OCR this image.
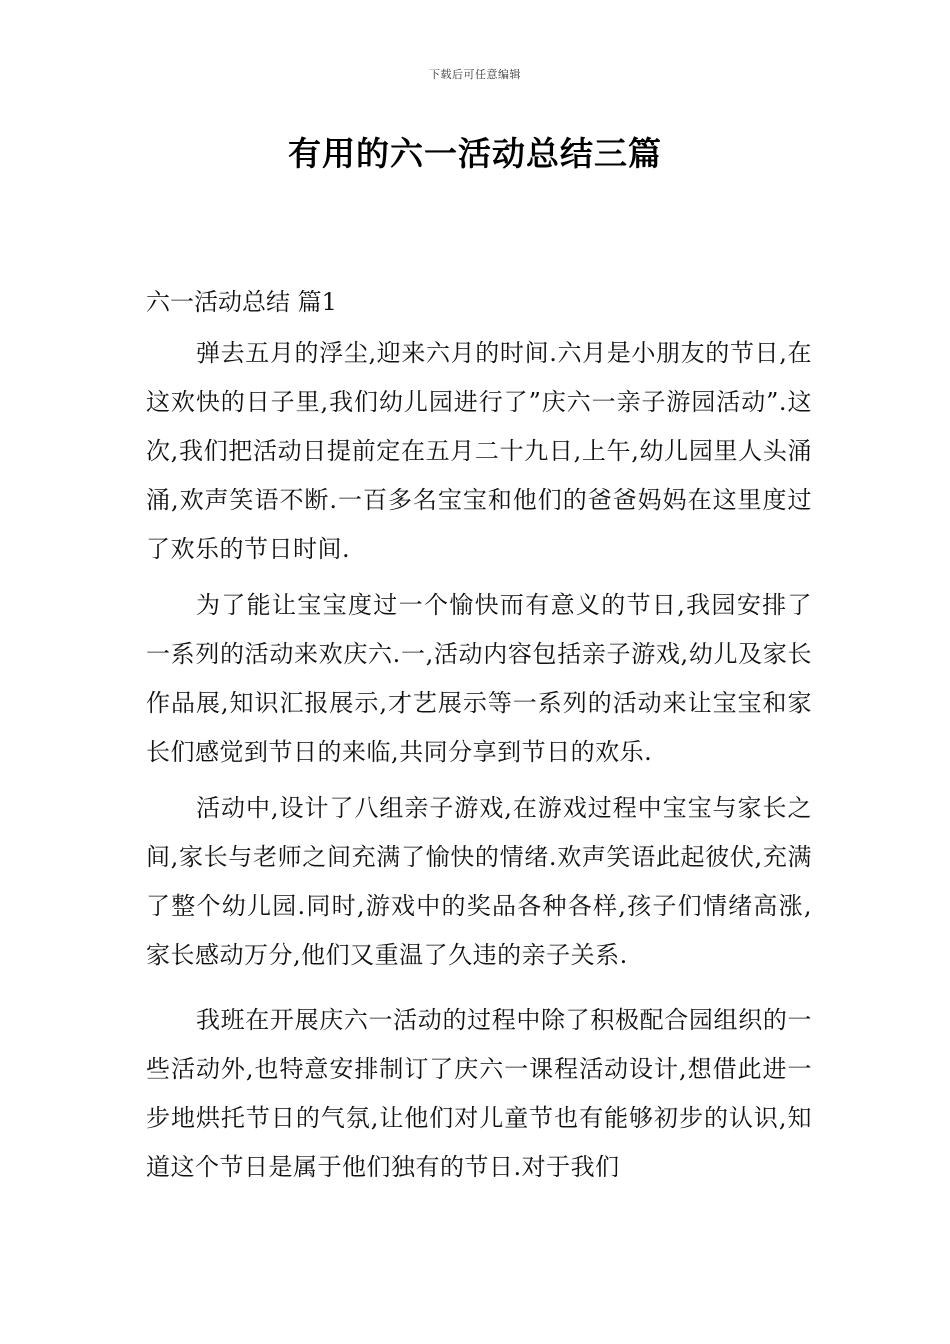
下载后可任意编辑
有用的六一活动总结三篇
六一活动总结 篇1

弹去五月的浮尘,迎来六月的时间.六月是小朋友的节日,在这欢快的日子里,我们幼儿园进行了”庆六一亲子游园活动”.这次,我们把活动日提前定在五月二十九日,上午,幼儿园里人头涌涌,欢声笑语不断.一百多名宝宝和他们的爸爸妈妈在这里度过了欢乐的节日时间.

为了能让宝宝度过一个愉快而有意义的节日,我园安排了一系列的活动来欢庆六.一,活动内容包括亲子游戏,幼儿及家长作品展,知识汇报展示,才艺展示等一系列的活动来让宝宝和家长们感觉到节日的来临,共同分享到节日的欢乐.

活动中,设计了八组亲子游戏,在游戏过程中宝宝与家长之间,家长与老师之间充满了愉快的情绪.欢声笑语此起彼伏,充满了整个幼儿园.同时,游戏中的奖品各种各样,孩子们情绪高涨,家长感动万分,他们又重温了久违的亲子关系.

我班在开展庆六一活动的过程中除了积极配合园组织的一些活动外,也特意安排制订了庆六一课程活动设计,想借此进一步地烘托节日的气氛,让他们对儿童节也有能够初步的认识,知道这个节日是属于他们独有的节日.对于我们
